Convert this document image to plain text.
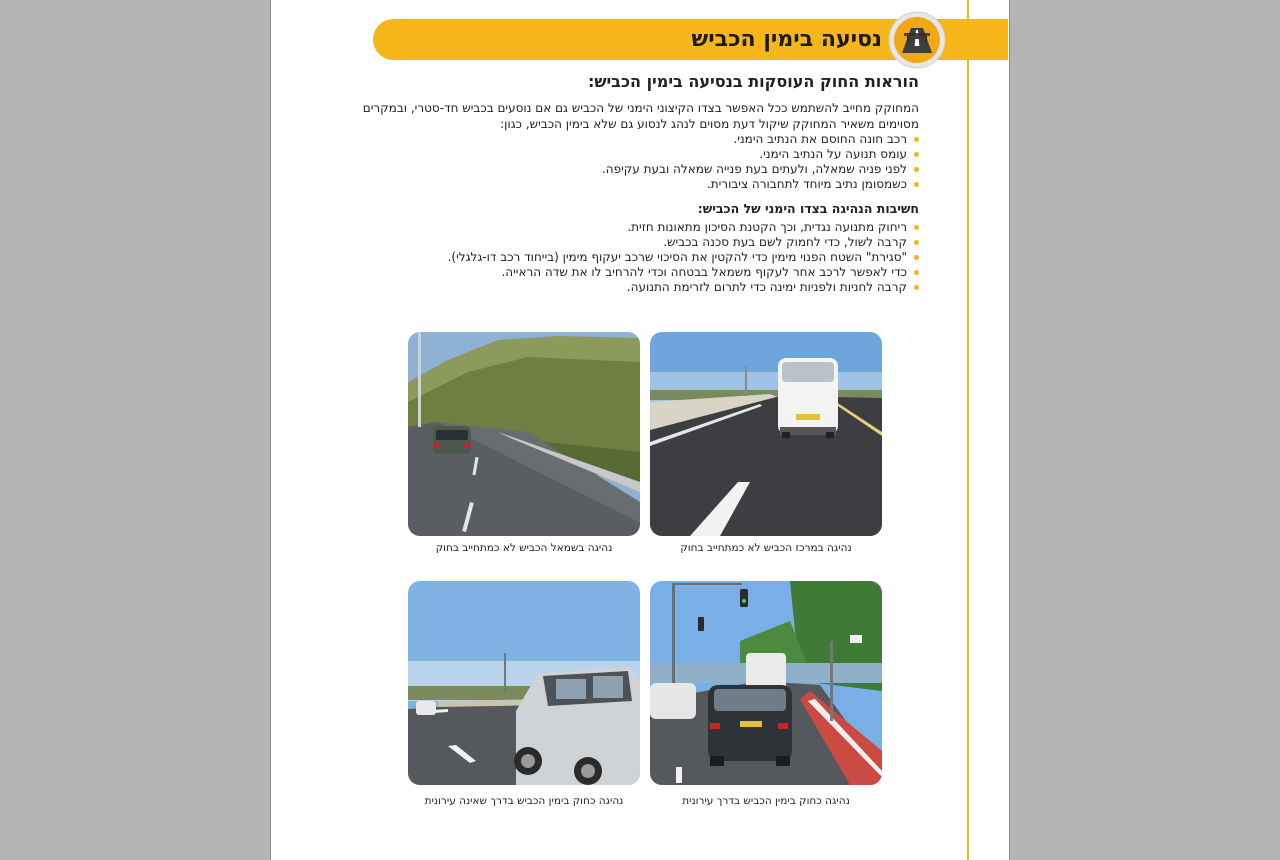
נסיעה בימין הכביש
הוראות החוק העוסקות בנסיעה בימין הכביש:

המחוקק מחייב להשתמש ככל האפשר בצדו הקיצוני הימני של הכביש גם אם נוסעים בכביש חד-סטרי, ובמקרים

מסוימים משאיר המחוקק שיקול דעת מסוים לנהג לנסוע גם שלא בימין הכביש, כגון:

רכב חונה החוסם את הנתיב הימני.
עומס תנועה על הנתיב הימני.
לפני פניה שמאלה, ולעתים בעת פנייה שמאלה ובעת עקיפה.
כשמסומן נתיב מיוחד לתחבורה ציבורית.
חשיבות הנהיגה בצדו הימני של הכביש:
ריחוק מתנועה נגדית, וכך הקטנת הסיכון מתאונות חזית.
קרבה לשול, כדי לחמוק לשם בעת סכנה בכביש.
"סגירת" השטח הפנוי מימין כדי להקטין את הסיכוי שרכב יעקוף מימין (בייחוד רכב דו-גלגלי).
כדי לאפשר לרכב אחר לעקוף משמאל בבטחה וכדי להרחיב לו את שדה הראייה.
קרבה לחניות ולפניות ימינה כדי לתרום לזרימת התנועה.
נהיגה במרכז הכביש לא כמתחייב בחוק
נהיגה בשמאל הכביש לא כמתחייב בחוק
נהיגה כחוק בימין הכביש בדרך עירונית
נהיגה כחוק בימין הכביש בדרך שאינה עירונית
